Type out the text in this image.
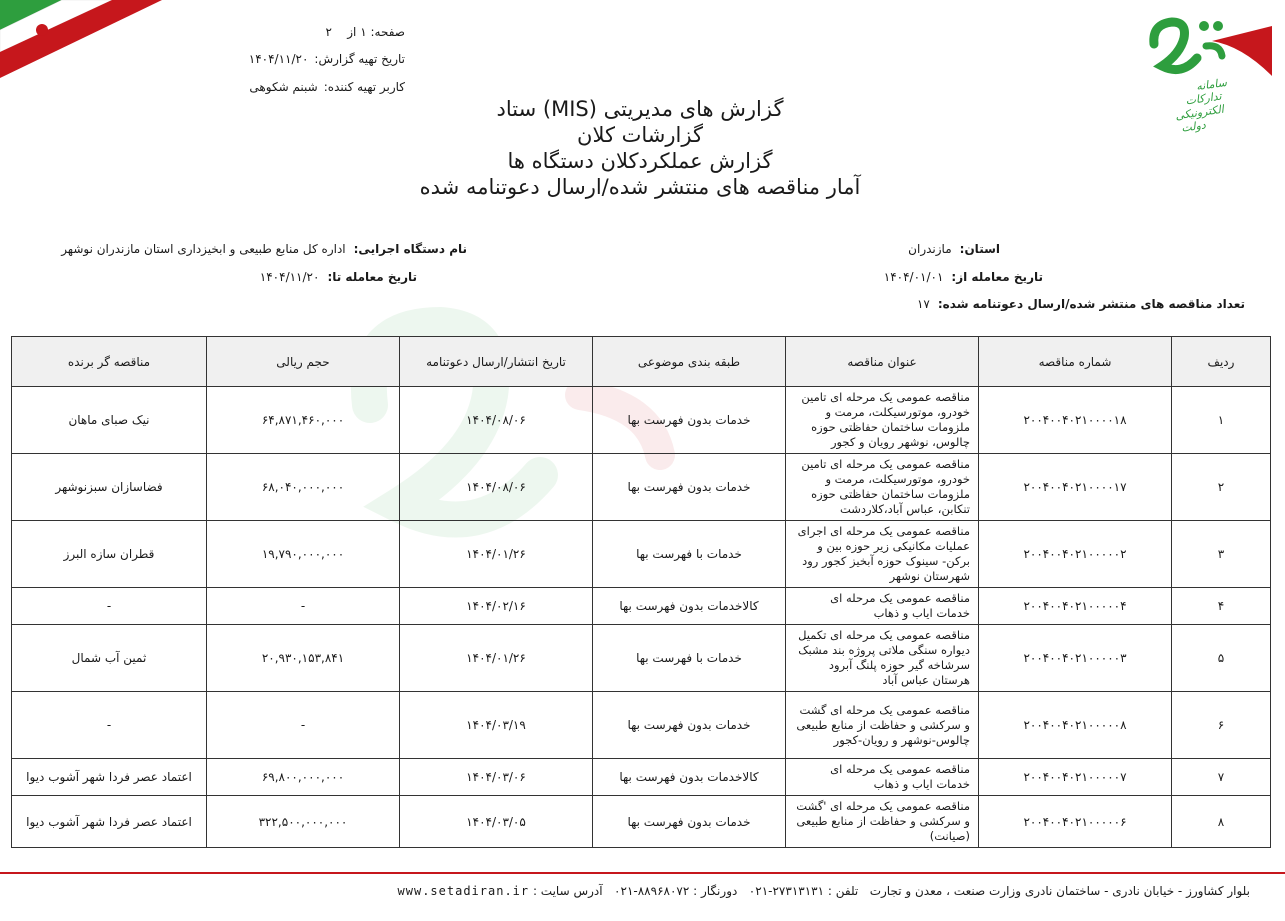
سامانه
تدارکات
الکترونیکی
دولت
صفحه: ۱ از    ۲
تاریخ تهیه گزارش:۱۴۰۴/۱۱/۲۰
کاربر تهیه کننده:شبنم شکوهی
گزارش های مدیریتی (MIS) ستاد
گزارشات کلان
گزارش عملکردکلان دستگاه ها
آمار مناقصه های منتشر شده/ارسال دعوتنامه شده
استان:مازندران
نام دستگاه اجرایی:اداره کل منابع طبیعی و ابخیزداری استان مازندران نوشهر
تاریخ معامله از:۱۴۰۴/۰۱/۰۱
تاریخ معامله تا:۱۴۰۴/۱۱/۲۰
تعداد مناقصه های منتشر شده/ارسال دعوتنامه شده:۱۷
ردیف	شماره مناقصه	عنوان مناقصه	طبقه بندی موضوعی	تاریخ انتشار/ارسال دعوتنامه	حجم ریالی	مناقصه گر برنده
۱	۲۰۰۴۰۰۴۰۲۱۰۰۰۰۱۸	مناقصه عمومی یک مرحله ای تامین خودرو، موتورسیکلت، مرمت و ملزومات ساختمان حفاظتی حوزه چالوس، نوشهر رویان و کجور	خدمات بدون فهرست بها	۱۴۰۴/۰۸/۰۶	۶۴,۸۷۱,۴۶۰,۰۰۰	نیک صبای ماهان
۲	۲۰۰۴۰۰۴۰۲۱۰۰۰۰۱۷	مناقصه عمومی یک مرحله ای تامین خودرو، موتورسیکلت، مرمت و ملزومات ساختمان حفاظتی حوزه تنکابن، عباس آباد،کلاردشت	خدمات بدون فهرست بها	۱۴۰۴/۰۸/۰۶	۶۸,۰۴۰,۰۰۰,۰۰۰	فضاسازان سبزنوشهر
۳	۲۰۰۴۰۰۴۰۲۱۰۰۰۰۰۲	مناقصه عمومی یک مرحله ای اجرای عملیات مکانیکی زیر حوزه بین و برکن- سینوک حوزه آبخیز کجور رود شهرستان نوشهر	خدمات با فهرست بها	۱۴۰۴/۰۱/۲۶	۱۹,۷۹۰,۰۰۰,۰۰۰	قطران سازه البرز
۴	۲۰۰۴۰۰۴۰۲۱۰۰۰۰۰۴	مناقصه عمومی یک مرحله ای خدمات ایاب و ذهاب	کالاخدمات بدون فهرست بها	۱۴۰۴/۰۲/۱۶	-	-
۵	۲۰۰۴۰۰۴۰۲۱۰۰۰۰۰۳	مناقصه عمومی یک مرحله ای تکمیل دیواره سنگی ملاتی پروژه بند مشبک سرشاخه گیر حوزه پلنگ آبرود هرستان عباس آباد	خدمات با فهرست بها	۱۴۰۴/۰۱/۲۶	۲۰,۹۳۰,۱۵۳,۸۴۱	ثمین آب شمال
۶	۲۰۰۴۰۰۴۰۲۱۰۰۰۰۰۸	مناقصه عمومی یک مرحله ای گشت و سرکشی و حفاظت از منابع طبیعی چالوس-نوشهر و رویان-کجور	خدمات بدون فهرست بها	۱۴۰۴/۰۳/۱۹	-	-
۷	۲۰۰۴۰۰۴۰۲۱۰۰۰۰۰۷	مناقصه عمومی یک مرحله ای خدمات ایاب و ذهاب	کالاخدمات بدون فهرست بها	۱۴۰۴/۰۳/۰۶	۶۹,۸۰۰,۰۰۰,۰۰۰	اعتماد عصر فردا شهر آشوب دیوا
۸	۲۰۰۴۰۰۴۰۲۱۰۰۰۰۰۶	مناقصه عمومی یک مرحله ای 'گشت و سرکشی و حفاظت از منابع طبیعی (صیانت)	خدمات بدون فهرست بها	۱۴۰۴/۰۳/۰۵	۳۲۲,۵۰۰,۰۰۰,۰۰۰	اعتماد عصر فردا شهر آشوب دیوا
بلوار کشاورز - خیابان نادری - ساختمان نادری وزارت صنعت ، معدن و تجارت   تلفن : ۲۷۳۱۳۱۳۱-۰۲۱   دورنگار : ۸۸۹۶۸۰۷۲-۰۲۱   آدرس سایت : www.setadiran.ir
